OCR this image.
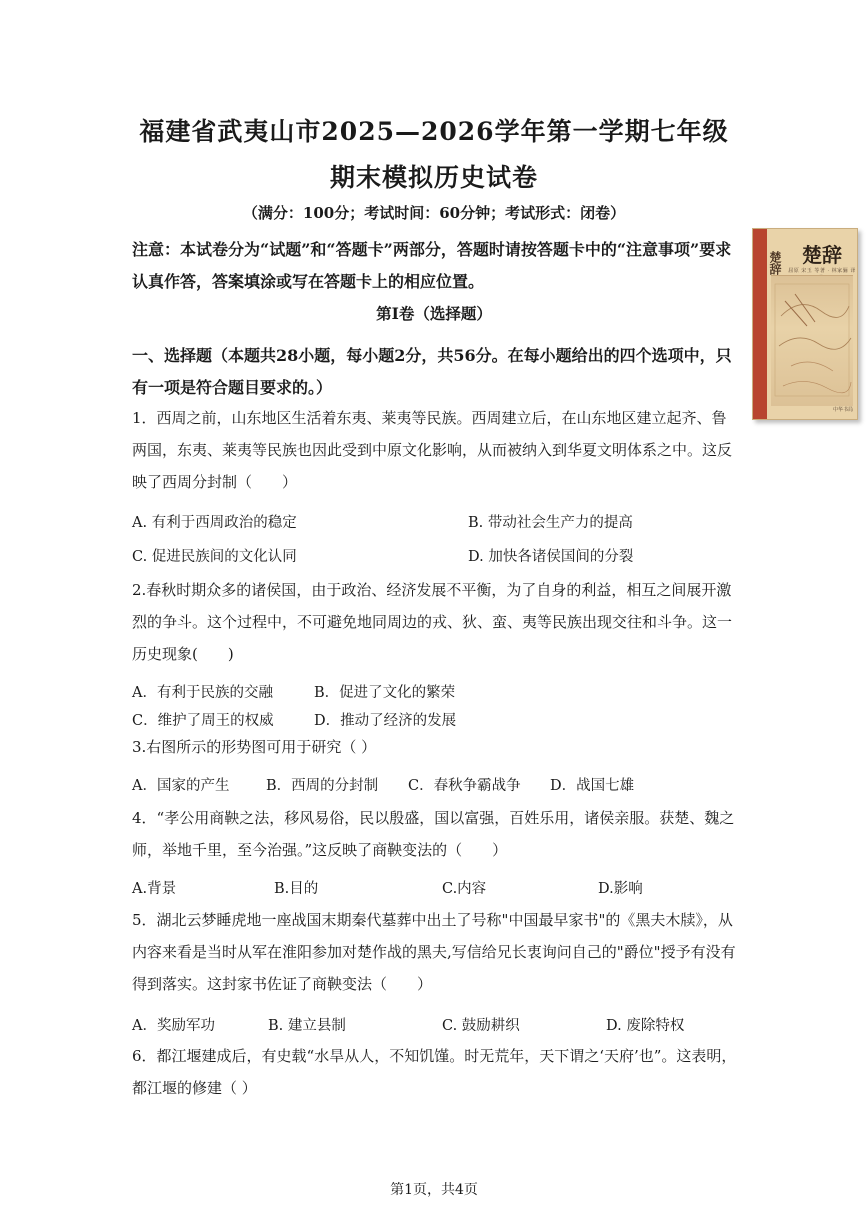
福建省武夷山市2025—2026学年第一学期七年级
期末模拟历史试卷
（满分：100分；考试时间：60分钟；考试形式：闭卷）
注意：本试卷分为“试题”和“答题卡”两部分，答题时请按答题卡中的“注意事项”要求认真作答，答案填涂或写在答题卡上的相应位置。
楚辞 楚辞
屈原 宋玉 等著 · 林家骊 译
中华书局
第Ⅰ卷（选择题）
一、选择题（本题共28小题，每小题2分，共56分。在每小题给出的四个选项中，只有一项是符合题目要求的。）
1．西周之前，山东地区生活着东夷、莱夷等民族。西周建立后，在山东地区建立起齐、鲁两国，东夷、莱夷等民族也因此受到中原文化影响，从而被纳入到华夏文明体系之中。这反映了西周分封制（　　）
A. 有利于西周政治的稳定	B. 带动社会生产力的提高
C. 促进民族间的文化认同	D. 加快各诸侯国间的分裂
2.春秋时期众多的诸侯国，由于政治、经济发展不平衡，为了自身的利益，相互之间展开激烈的争斗。这个过程中，不可避免地同周边的戎、狄、蛮、夷等民族出现交往和斗争。这一历史现象(　　)
A．有利于民族的交融	B．促进了文化的繁荣
C．维护了周王的权威	D．推动了经济的发展
3.右图所示的形势图可用于研究（ ）
A．国家的产生	B．西周的分封制 C．春秋争霸战争 D．战国七雄
4．“孝公用商鞅之法，移风易俗，民以殷盛，国以富强，百姓乐用，诸侯亲服。获楚、魏之师，举地千里，至今治强。”这反映了商鞅变法的（　　）
A.背景	B.目的	C.内容	D.影响
5．湖北云梦睡虎地一座战国末期秦代墓葬中出土了号称"中国最早家书"的《黑夫木牍》，从内容来看是当时从军在淮阳参加对楚作战的黑夫,写信给兄长衷询问自己的"爵位"授予有没有得到落实。这封家书佐证了商鞅变法（　　）
A．奖励军功	B. 建立县制	C. 鼓励耕织	D. 废除特权
6．都江堰建成后，有史载“水旱从人，不知饥馑。时无荒年，天下谓之‘天府’也”。这表明，都江堰的修建（ ）
第1页，共4页
